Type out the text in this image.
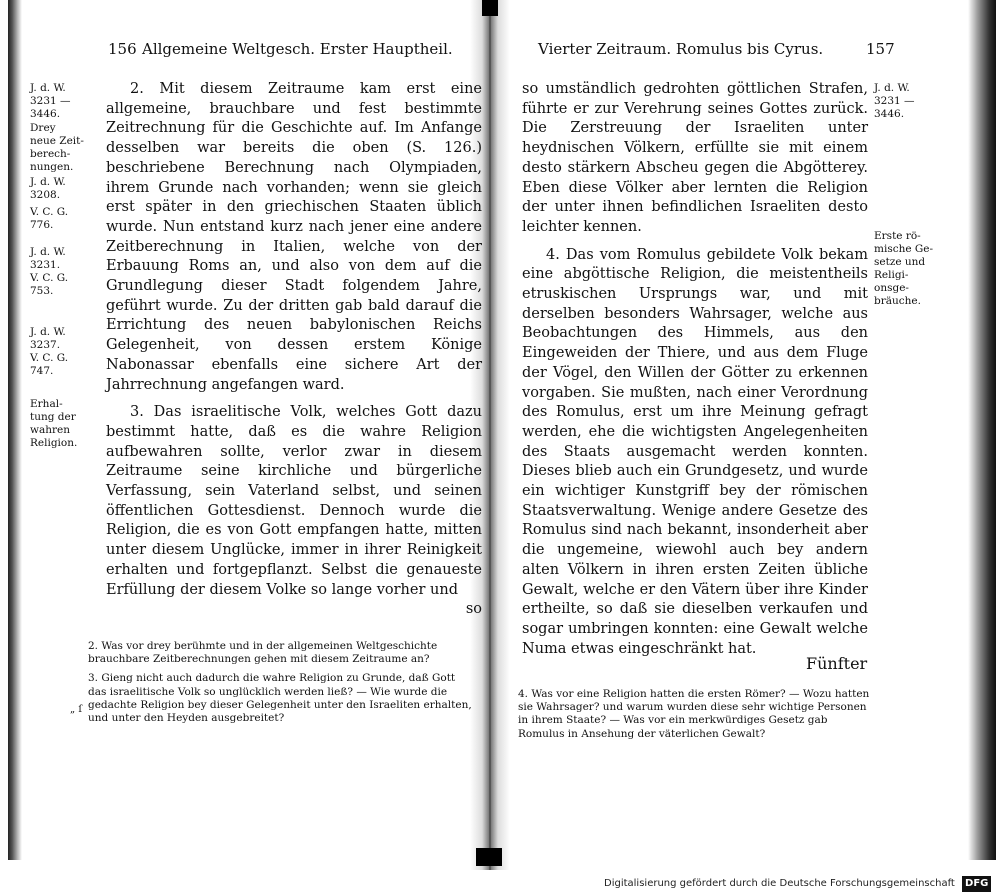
156 Allgemeine Weltgesch. Erster Hauptheil.
J. d. W.
3231 —
3446.
Drey
neue Zeit-
berech-
nungen.
J. d. W.
3208.
V. C. G.
776.
J. d. W.
3231.
V. C. G.
753.
J. d. W.
3237.
V. C. G.
747.
Erhal-
tung der
wahren
Religion.

2. Mit diesem Zeitraume kam erst eine allgemeine, brauchbare und fest bestimmte Zeitrechnung für die Geschichte auf. Im Anfange desselben war bereits die oben (S. 126.) beschriebene Berechnung nach Olympiaden, ihrem Grunde nach vorhanden; wenn sie gleich erst später in den griechischen Staaten üblich wurde. Nun entstand kurz nach jener eine andere Zeitberechnung in Italien, welche von der Erbauung Roms an, und also von dem auf die Grundlegung dieser Stadt folgendem Jahre, geführt wurde. Zu der dritten gab bald darauf die Errichtung des neuen babylonischen Reichs Gelegenheit, von dessen erstem Könige Nabonassar ebenfalls eine sichere Art der Jahrrechnung angefangen ward.

3. Das israelitische Volk, welches Gott dazu bestimmt hatte, daß es die wahre Religion aufbewahren sollte, verlor zwar in diesem Zeitraume seine kirchliche und bürgerliche Verfassung, sein Vaterland selbst, und seinen öffentlichen Gottesdienst. Dennoch wurde die Religion, die es von Gott empfangen hatte, mitten unter diesem Unglücke, immer in ihrer Reinigkeit erhalten und fortgepflanzt. Selbst die genaueste Erfüllung der diesem Volke so lange vorher und

so
„ ſ
2. Was vor drey berühmte und in der allgemeinen Weltgeschichte brauchbare Zeitberechnungen gehen mit diesem Zeitraume an?
3. Gieng nicht auch dadurch die wahre Religion zu Grunde, daß Gott das israelitische Volk so unglücklich werden ließ? — Wie wurde die gedachte Religion bey dieser Gelegenheit unter den Israeliten erhalten, und unter den Heyden ausgebreitet?
Vierter Zeitraum. Romulus bis Cyrus.	157
J. d. W.
3231 —
3446.
Erste rö-
mische Ge-
setze und
Religi-
onsge-
bräuche.

so umständlich gedrohten göttlichen Strafen, führte er zur Verehrung seines Gottes zurück. Die Zerstreuung der Israeliten unter heydnischen Völkern, erfüllte sie mit einem desto stärkern Abscheu gegen die Abgötterey. Eben diese Völker aber lernten die Religion der unter ihnen befindlichen Israeliten desto leichter kennen.

4. Das vom Romulus gebildete Volk bekam eine abgöttische Religion, die meistentheils etruskischen Ursprungs war, und mit derselben besonders Wahrsager, welche aus Beobachtungen des Himmels, aus den Eingeweiden der Thiere, und aus dem Fluge der Vögel, den Willen der Götter zu erkennen vorgaben. Sie mußten, nach einer Verordnung des Romulus, erst um ihre Meinung gefragt werden, ehe die wichtigsten Angelegenheiten des Staats ausgemacht werden konnten. Dieses blieb auch ein Grundgesetz, und wurde ein wichtiger Kunstgriff bey der römischen Staatsverwaltung. Wenige andere Gesetze des Romulus sind nach bekannt, insonderheit aber die ungemeine, wiewohl auch bey andern alten Völkern in ihren ersten Zeiten übliche Gewalt, welche er den Vätern über ihre Kinder ertheilte, so daß sie dieselben verkaufen und sogar umbringen konnten: eine Gewalt welche Numa etwas eingeschränkt hat.

Fünfter
4. Was vor eine Religion hatten die ersten Römer? — Wozu hatten sie Wahrsager? und warum wurden diese sehr wichtige Personen in ihrem Staate? — Was vor ein merkwürdiges Gesetz gab Romulus in Ansehung der väterlichen Gewalt?
Digitalisierung gefördert durch die Deutsche Forschungsgemeinschaft DFG
